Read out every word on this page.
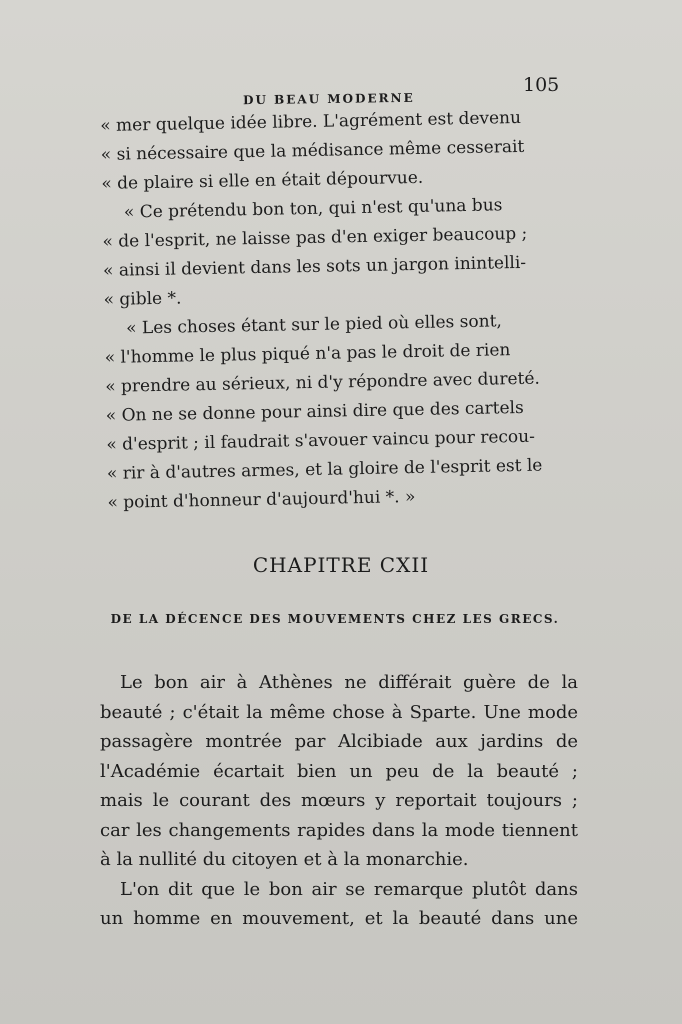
DU BEAU MODERNE
105
« mer quelque idée libre. L'agrément est devenu
« si nécessaire que la médisance même cesserait
« de plaire si elle en était dépourvue.
« Ce prétendu bon ton, qui n'est qu'una bus
« de l'esprit, ne laisse pas d'en exiger beaucoup ;
« ainsi il devient dans les sots un jargon inintelli-
« gible *.
« Les choses étant sur le pied où elles sont,
« l'homme le plus piqué n'a pas le droit de rien
« prendre au sérieux, ni d'y répondre avec dureté.
« On ne se donne pour ainsi dire que des cartels
« d'esprit ; il faudrait s'avouer vaincu pour recou-
« rir à d'autres armes, et la gloire de l'esprit est le
« point d'honneur d'aujourd'hui *. »
CHAPITRE CXII
DE LA DÉCENCE DES MOUVEMENTS CHEZ LES GRECS.
Le bon air à Athènes ne différait guère de la
beauté ; c'était la même chose à Sparte. Une mode
passagère montrée par Alcibiade aux jardins de
l'Académie écartait bien un peu de la beauté ;
mais le courant des mœurs y reportait toujours ;
car les changements rapides dans la mode tiennent
à la nullité du citoyen et à la monarchie.
L'on dit que le bon air se remarque plutôt dans
un homme en mouvement, et la beauté dans une
